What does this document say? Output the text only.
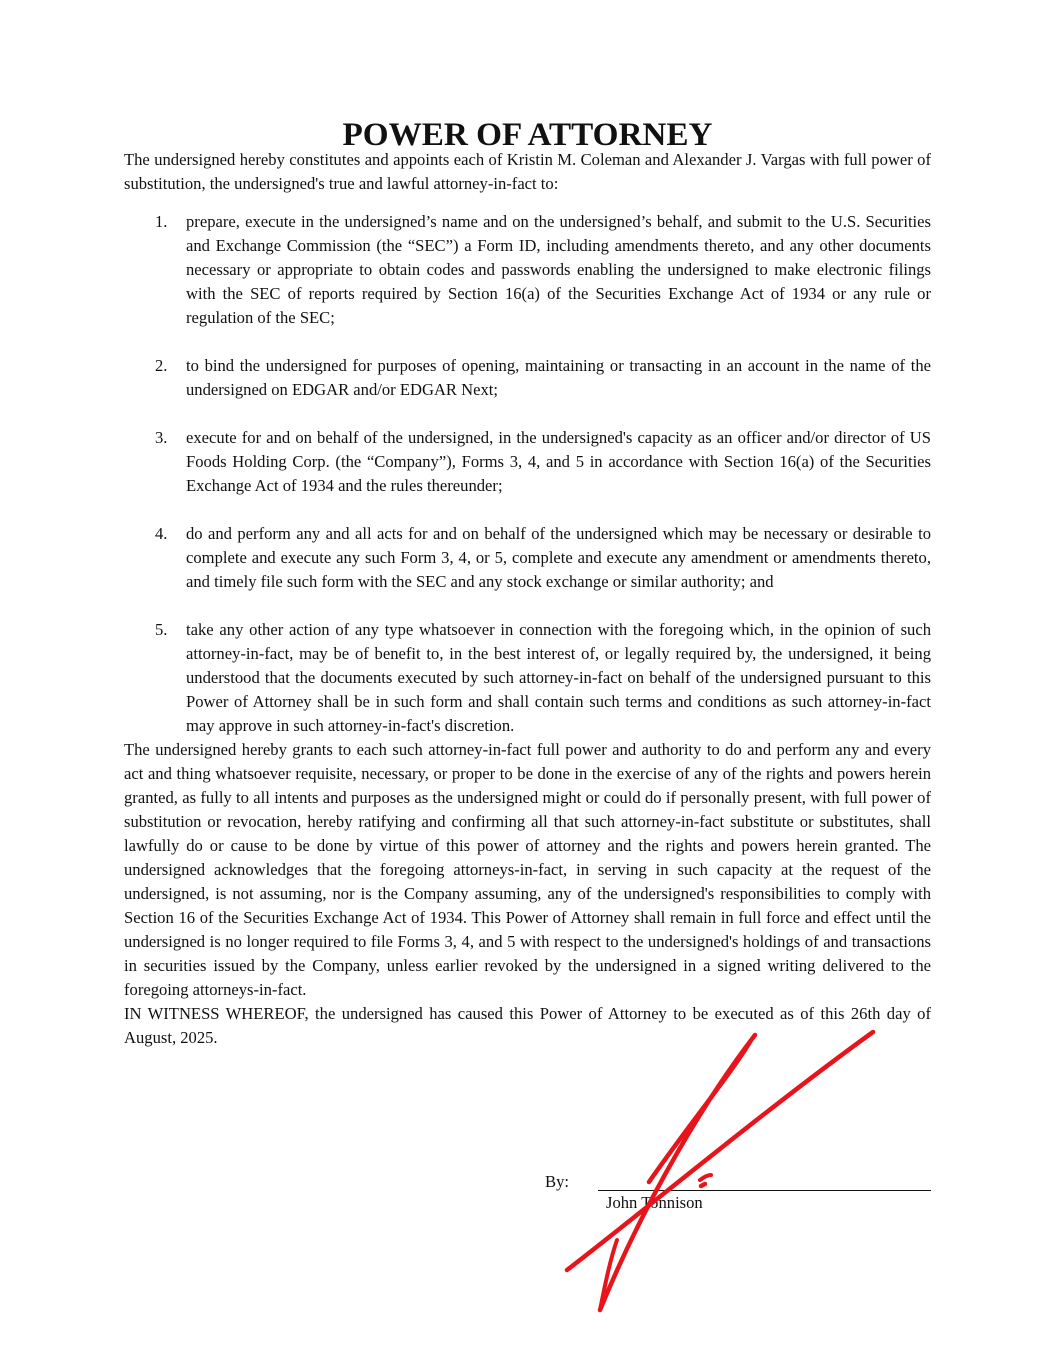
POWER OF ATTORNEY

The undersigned hereby constitutes and appoints each of Kristin M. Coleman and Alexander J. Vargas with full power of substitution, the undersigned's true and lawful attorney-in-fact to:

1. prepare, execute in the undersigned’s name and on the undersigned’s behalf, and submit to the U.S. Securities and Exchange Commission (the “SEC”) a Form ID, including amendments thereto, and any other documents necessary or appropriate to obtain codes and passwords enabling the undersigned to make electronic filings with the SEC of reports required by Section 16(a) of the Securities Exchange Act of 1934 or any rule or regulation of the SEC;
2. to bind the undersigned for purposes of opening, maintaining or transacting in an account in the name of the undersigned on EDGAR and/or EDGAR Next;
3. execute for and on behalf of the undersigned, in the undersigned's capacity as an officer and/or director of US Foods Holding Corp. (the “Company”), Forms 3, 4, and 5 in accordance with Section 16(a) of the Securities Exchange Act of 1934 and the rules thereunder;
4. do and perform any and all acts for and on behalf of the undersigned which may be necessary or desirable to complete and execute any such Form 3, 4, or 5, complete and execute any amendment or amendments thereto, and timely file such form with the SEC and any stock exchange or similar authority; and
5. take any other action of any type whatsoever in connection with the foregoing which, in the opinion of such attorney-in-fact, may be of benefit to, in the best interest of, or legally required by, the undersigned, it being understood that the documents executed by such attorney-in-fact on behalf of the undersigned pursuant to this Power of Attorney shall be in such form and shall contain such terms and conditions as such attorney-in-fact may approve in such attorney-in-fact's discretion.

The undersigned hereby grants to each such attorney-in-fact full power and authority to do and perform any and every act and thing whatsoever requisite, necessary, or proper to be done in the exercise of any of the rights and powers herein granted, as fully to all intents and purposes as the undersigned might or could do if personally present, with full power of substitution or revocation, hereby ratifying and confirming all that such attorney-in-fact substitute or substitutes, shall lawfully do or cause to be done by virtue of this power of attorney and the rights and powers herein granted. The undersigned acknowledges that the foregoing attorneys-in-fact, in serving in such capacity at the request of the undersigned, is not assuming, nor is the Company assuming, any of the undersigned's responsibilities to comply with Section 16 of the Securities Exchange Act of 1934. This Power of Attorney shall remain in full force and effect until the undersigned is no longer required to file Forms 3, 4, and 5 with respect to the undersigned's holdings of and transactions in securities issued by the Company, unless earlier revoked by the undersigned in a signed writing delivered to the foregoing attorneys-in-fact.

IN WITNESS WHEREOF, the undersigned has caused this Power of Attorney to be executed as of this 26th day of August, 2025.

By:
John Tonnison
